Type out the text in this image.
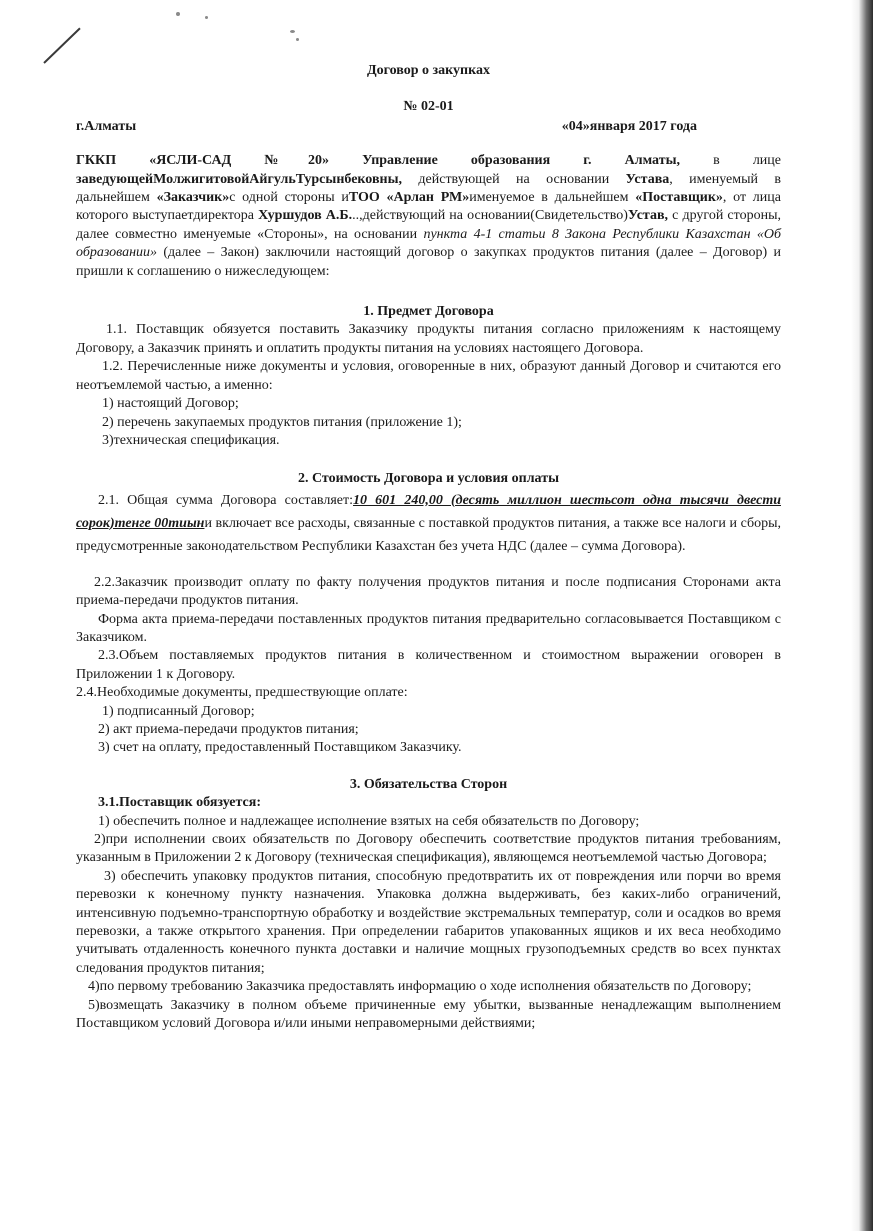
Договор о закупках

№ 02-01

г.Алматы	«04»января 2017 года

ГККП «ЯСЛИ-САД №20» Управление образования г. Алматы, в лице заведующейМолжигитовойАйгульТурсынбековны, действующей на основании Устава, именуемый в дальнейшем «Заказчик»с одной стороны иТОО «Арлан РМ»именуемое в дальнейшем «Поставщик», от лица которого выступаетдиректора Хуршудов А.Б...,действующий на основании(Свидетельство)Устав, с другой стороны, далее совместно именуемые «Стороны», на основании пункта 4-1 статьи 8 Закона Республики Казахстан «Об образовании» (далее – Закон) заключили настоящий договор о закупках продуктов питания (далее – Договор) и пришли к соглашению о нижеследующем:

1. Предмет Договора

1.1. Поставщик обязуется поставить Заказчику продукты питания согласно приложениям к настоящему Договору, а Заказчик принять и оплатить продукты питания на условиях настоящего Договора.

1.2. Перечисленные ниже документы и условия, оговоренные в них, образуют данный Договор и считаются его неотъемлемой частью, а именно:

1) настоящий Договор;

2) перечень закупаемых продуктов питания (приложение 1);

3)техническая спецификация.

2. Стоимость Договора и условия оплаты

2.1. Общая сумма Договора составляет:10 601 240,00 (десять миллион шестьсот одна тысячи двести сорок)тенге 00тиыни включает все расходы, связанные с поставкой продуктов питания, а также все налоги и сборы, предусмотренные законодательством Республики Казахстан без учета НДС (далее – сумма Договора).

2.2.Заказчик производит оплату по факту получения продуктов питания и после подписания Сторонами акта приема-передачи продуктов питания.

Форма акта приема-передачи поставленных продуктов питания предварительно согласовывается Поставщиком с Заказчиком.

2.3.Объем поставляемых продуктов питания в количественном и стоимостном выражении оговорен в Приложении 1 к Договору.

2.4.Необходимые документы, предшествующие оплате:

1) подписанный Договор;

2) акт приема-передачи продуктов питания;

3) счет на оплату, предоставленный Поставщиком Заказчику.

3. Обязательства Сторон

3.1.Поставщик обязуется:

1) обеспечить полное и надлежащее исполнение взятых на себя обязательств по Договору;

2)при исполнении своих обязательств по Договору обеспечить соответствие продуктов питания требованиям, указанным в Приложении 2 к Договору (техническая спецификация), являющемся неотъемлемой частью Договора;

3) обеспечить упаковку продуктов питания, способную предотвратить их от повреждения или порчи во время перевозки к конечному пункту назначения. Упаковка должна выдерживать, без каких-либо ограничений, интенсивную подъемно-транспортную обработку и воздействие экстремальных температур, соли и осадков во время перевозки, а также открытого хранения. При определении габаритов упакованных ящиков и их веса необходимо учитывать отдаленность конечного пункта доставки и наличие мощных грузоподъемных средств во всех пунктах следования продуктов питания;

4)по первому требованию Заказчика предоставлять информацию о ходе исполнения обязательств по Договору;

5)возмещать Заказчику в полном объеме причиненные ему убытки, вызванные ненадлежащим выполнением Поставщиком условий Договора и/или иными неправомерными действиями;
